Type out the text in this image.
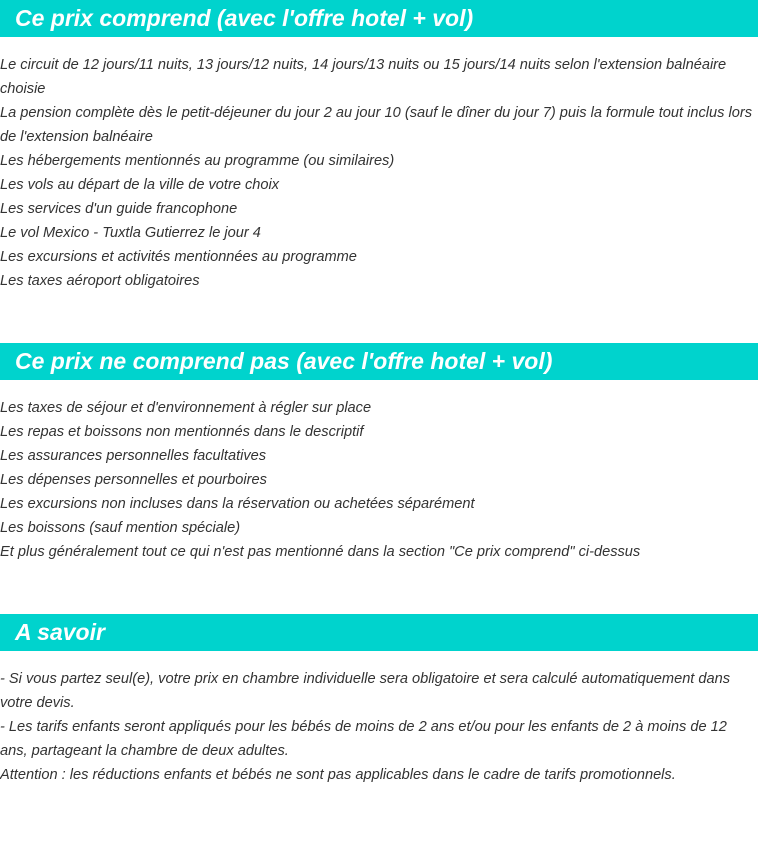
Ce prix comprend (avec l'offre hotel + vol)

Le circuit de 12 jours/11 nuits, 13 jours/12 nuits, 14 jours/13 nuits ou 15 jours/14 nuits selon l'extension balnéaire choisie

La pension complète dès le petit-déjeuner du jour 2 au jour 10 (sauf le dîner du jour 7) puis la formule tout inclus lors de l'extension balnéaire

Les hébergements mentionnés au programme (ou similaires)

Les vols au départ de la ville de votre choix

Les services d'un guide francophone

Le vol Mexico - Tuxtla Gutierrez le jour 4

Les excursions et activités mentionnées au programme

Les taxes aéroport obligatoires

Ce prix ne comprend pas (avec l'offre hotel + vol)

Les taxes de séjour et d'environnement à régler sur place

Les repas et boissons non mentionnés dans le descriptif

Les assurances personnelles facultatives

Les dépenses personnelles et pourboires

Les excursions non incluses dans la réservation ou achetées séparément

Les boissons (sauf mention spéciale)

Et plus généralement tout ce qui n'est pas mentionné dans la section "Ce prix comprend" ci-dessus

A savoir

- Si vous partez seul(e), votre prix en chambre individuelle sera obligatoire et sera calculé automatiquement dans votre devis.

- Les tarifs enfants seront appliqués pour les bébés de moins de 2 ans et/ou pour les enfants de 2 à moins de 12 ans, partageant la chambre de deux adultes.

Attention : les réductions enfants et bébés ne sont pas applicables dans le cadre de tarifs promotionnels.
